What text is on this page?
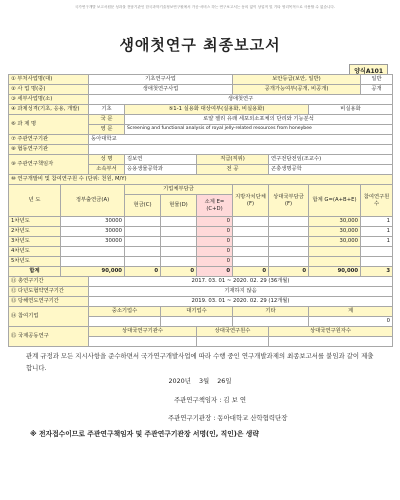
국가연구개발 보고서원문 성과물 전담기관인 한국과학기술정보연구원에서 가공·서비스 하는 연구보고서는 동의 없이 상업적 및 기타 영리목적으로 사용할 수 없습니다.
생애첫연구 최종보고서
양식A101
① 부처사업명(대)		기초연구사업				보안등급(보안, 일반)			일반
② 사 업 명(중)		생애첫연구사업				공개가능여부(공개, 비공개)			공개
③ 세부사업명(소)		생애첫연구							
④ 과제성격(기초, 응용, 개발)		기초	⑤1-1 실용화 대상여부(실용화, 비실용화)					비실용화	
⑥ 과 제 명		국 문	로얄 젤리 유래 세포외소포체의 단리와 기능분석						
		영 문	Screening and functional analysis of royal jelly-related resources from honeybee						
⑦ 주관연구기관		동아대학교							
⑧ 협동연구기관									
⑨ 주관연구책임자		성 명	김보연		직급(직위)		연구전담전임(조교수)		
		소속부서	응용생물공학과		전 공		곤충생명공학		
⑩ 연구개발비 및 참여연구원 수 (단위: 천원, M/Y)									
년 도	정부출연금(A)		기업체부담금			지방자치단체(F)	상대국부담금(F)	합계 G=(A+B+E)	참여연구원수
			현금(C)	현물(D)	소계 E=(C+D)				
1차년도	30000				0			30,000	1
2차년도	30000				0			30,000	1
3차년도	30000				0			30,000	1
4차년도					0				
5차년도					0				
합계	90,000		0	0	0	0	0	90,000	3
⑪ 총연구기간		2017. 03. 01 ~ 2020. 02. 29 (36개월)							
⑫ 다년도협약연구기간		기재하지 않음							
⑬ 당해연도연구기간		2019. 03. 01 ~ 2020. 02. 29 (12개월)							
⑭ 참여기업		중소기업수		대기업수		기타		계	
								0	
⑮ 국제공동연구		상대국연구기관수			상대국연구원수		상대국연구원자수		

관계 규정과 모든 지시사항을 준수하면서 국가연구개발사업에 따라 수행 중인 연구개발과제의 최종보고서를 붙임과 같이 제출 합니다.
2020년 3월 26일
주관연구책임자 : 김 보 연
주관연구기관장 : 동아대학교 산학협력단장
※ 전자접수이므로 주관연구책임자 및 주관연구기관장 서명(인, 직인)은 생략
